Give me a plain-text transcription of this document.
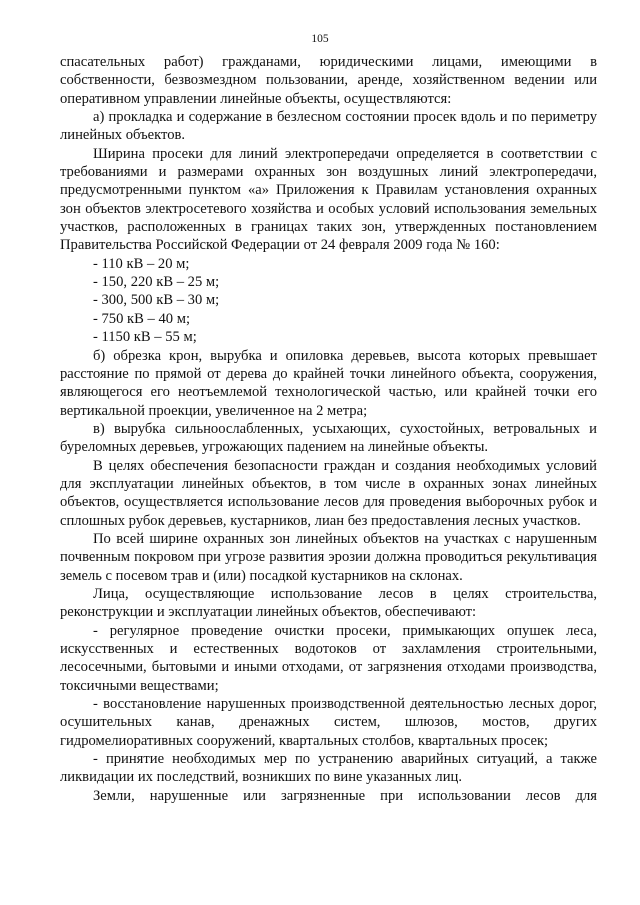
105

спасательных работ) гражданами, юридическими лицами, имеющими в собственности, безвозмездном пользовании, аренде, хозяйственном ведении или оперативном управлении линейные объекты, осуществляются:

а) прокладка и содержание в безлесном состоянии просек вдоль и по периметру линейных объектов.

Ширина просеки для линий электропередачи определяется в соответствии с требованиями и размерами охранных зон воздушных линий электропередачи, предусмотренными пунктом «а» Приложения к Правилам установления охранных зон объектов электросетевого хозяйства и особых условий использования земельных участков, расположенных в границах таких зон, утвержденных постановлением Правительства Российской Федерации от 24 февраля 2009 года № 160:

- 110 кВ – 20 м;

- 150, 220 кВ – 25 м;

- 300, 500 кВ – 30 м;

- 750 кВ – 40 м;

- 1150 кВ – 55 м;

б) обрезка крон, вырубка и опиловка деревьев, высота которых превышает расстояние по прямой от дерева до крайней точки линейного объекта, сооружения, являющегося его неотъемлемой технологической частью, или крайней точки его вертикальной проекции, увеличенное на 2 метра;

в) вырубка сильноослабленных, усыхающих, сухостойных, ветровальных и буреломных деревьев, угрожающих падением на линейные объекты.

В целях обеспечения безопасности граждан и создания необходимых условий для эксплуатации линейных объектов, в том числе в охранных зонах линейных объектов, осуществляется использование лесов для проведения выборочных рубок и сплошных рубок деревьев, кустарников, лиан без предоставления лесных участков.

По всей ширине охранных зон линейных объектов на участках с нарушенным почвенным покровом при угрозе развития эрозии должна проводиться рекультивация земель с посевом трав и (или) посадкой кустарников на склонах.

Лица, осуществляющие использование лесов в целях строительства, реконструкции и эксплуатации линейных объектов, обеспечивают:

- регулярное проведение очистки просеки, примыкающих опушек леса, искусственных и естественных водотоков от захламления строительными, лесосечными, бытовыми и иными отходами, от загрязнения отходами производства, токсичными веществами;

- восстановление нарушенных производственной деятельностью лесных дорог, осушительных канав, дренажных систем, шлюзов, мостов, других гидромелиоративных сооружений, квартальных столбов, квартальных просек;

- принятие необходимых мер по устранению аварийных ситуаций, а также ликвидации их последствий, возникших по вине указанных лиц.

Земли, нарушенные или загрязненные при использовании лесов для
